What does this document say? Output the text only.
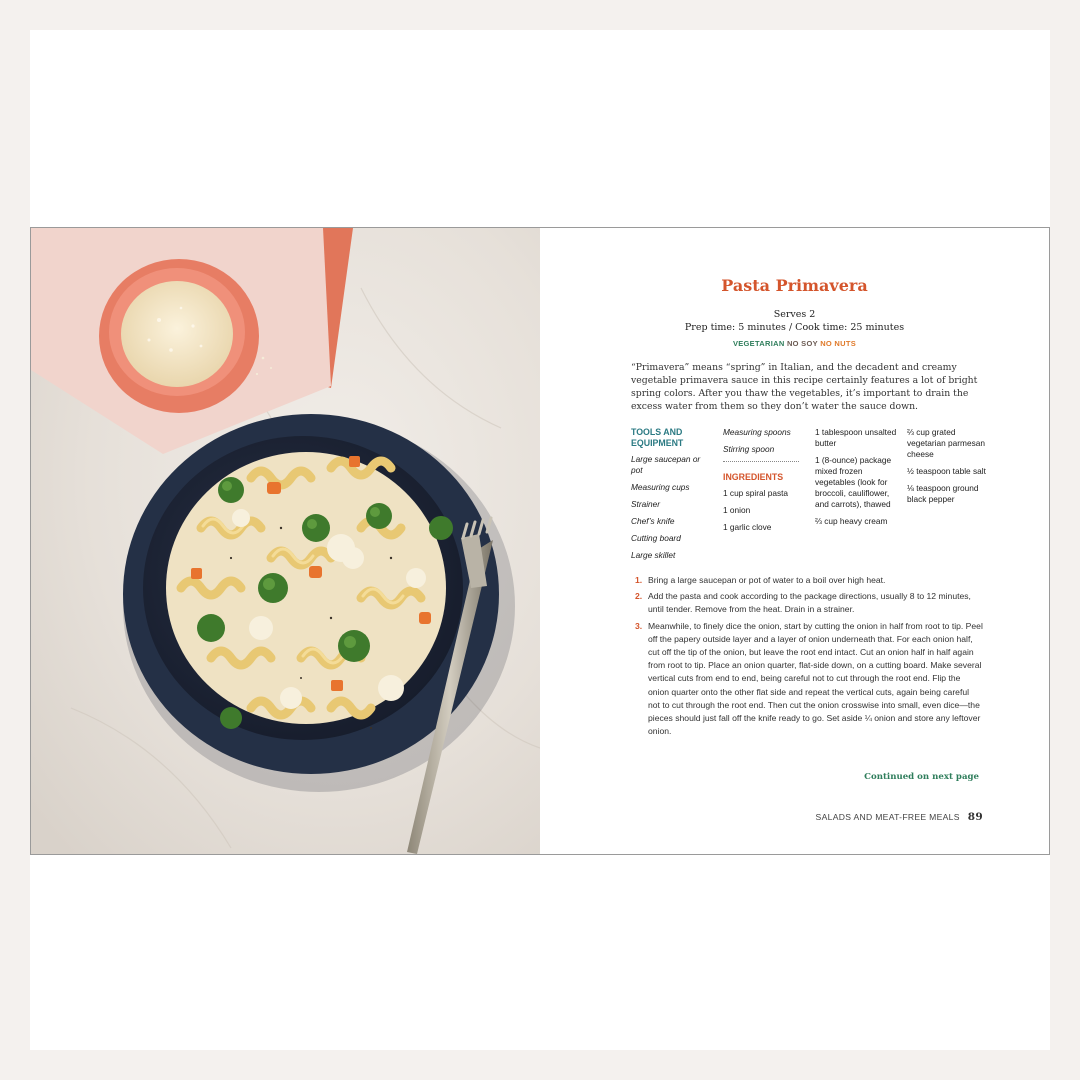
Pasta Primavera
Serves 2
Prep time: 5 minutes / Cook time: 25 minutes
VEGETARIAN NO SOY NO NUTS
“Primavera” means “spring” in Italian, and the decadent and creamy vegetable primavera sauce in this recipe certainly features a lot of bright spring colors. After you thaw the vegetables, it’s important to drain the excess water from them so they don’t water the sauce down.
TOOLS AND EQUIPMENT
Large saucepan or pot
Measuring cups
Strainer
Chef’s knife
Cutting board
Large skillet
Measuring spoons
Stirring spoon
INGREDIENTS
1 cup spiral pasta
1 onion
1 garlic clove
1 tablespoon unsalted butter
1 (8-ounce) package mixed frozen vegetables (look for broccoli, cauliflower, and carrots), thawed
⅔ cup heavy cream
⅔ cup grated vegetarian parmesan cheese
½ teaspoon table salt
⅛ teaspoon ground black pepper
1. Bring a large saucepan or pot of water to a boil over high heat.
2. Add the pasta and cook according to the package directions, usually 8 to 12 minutes, until tender. Remove from the heat. Drain in a strainer.
3. Meanwhile, to finely dice the onion, start by cutting the onion in half from root to tip. Peel off the papery outside layer and a layer of onion underneath that. For each onion half, cut off the tip of the onion, but leave the root end intact. Cut an onion half in half again from root to tip. Place an onion quarter, flat-side down, on a cutting board. Make several vertical cuts from end to end, being careful not to cut through the root end. Flip the onion quarter onto the other flat side and repeat the vertical cuts, again being careful not to cut through the root end. Then cut the onion crosswise into small, even dice—the pieces should just fall off the knife ready to go. Set aside ¼ onion and store any leftover onion.
Continued on next page
SALADS AND MEAT-FREE MEALS 89
